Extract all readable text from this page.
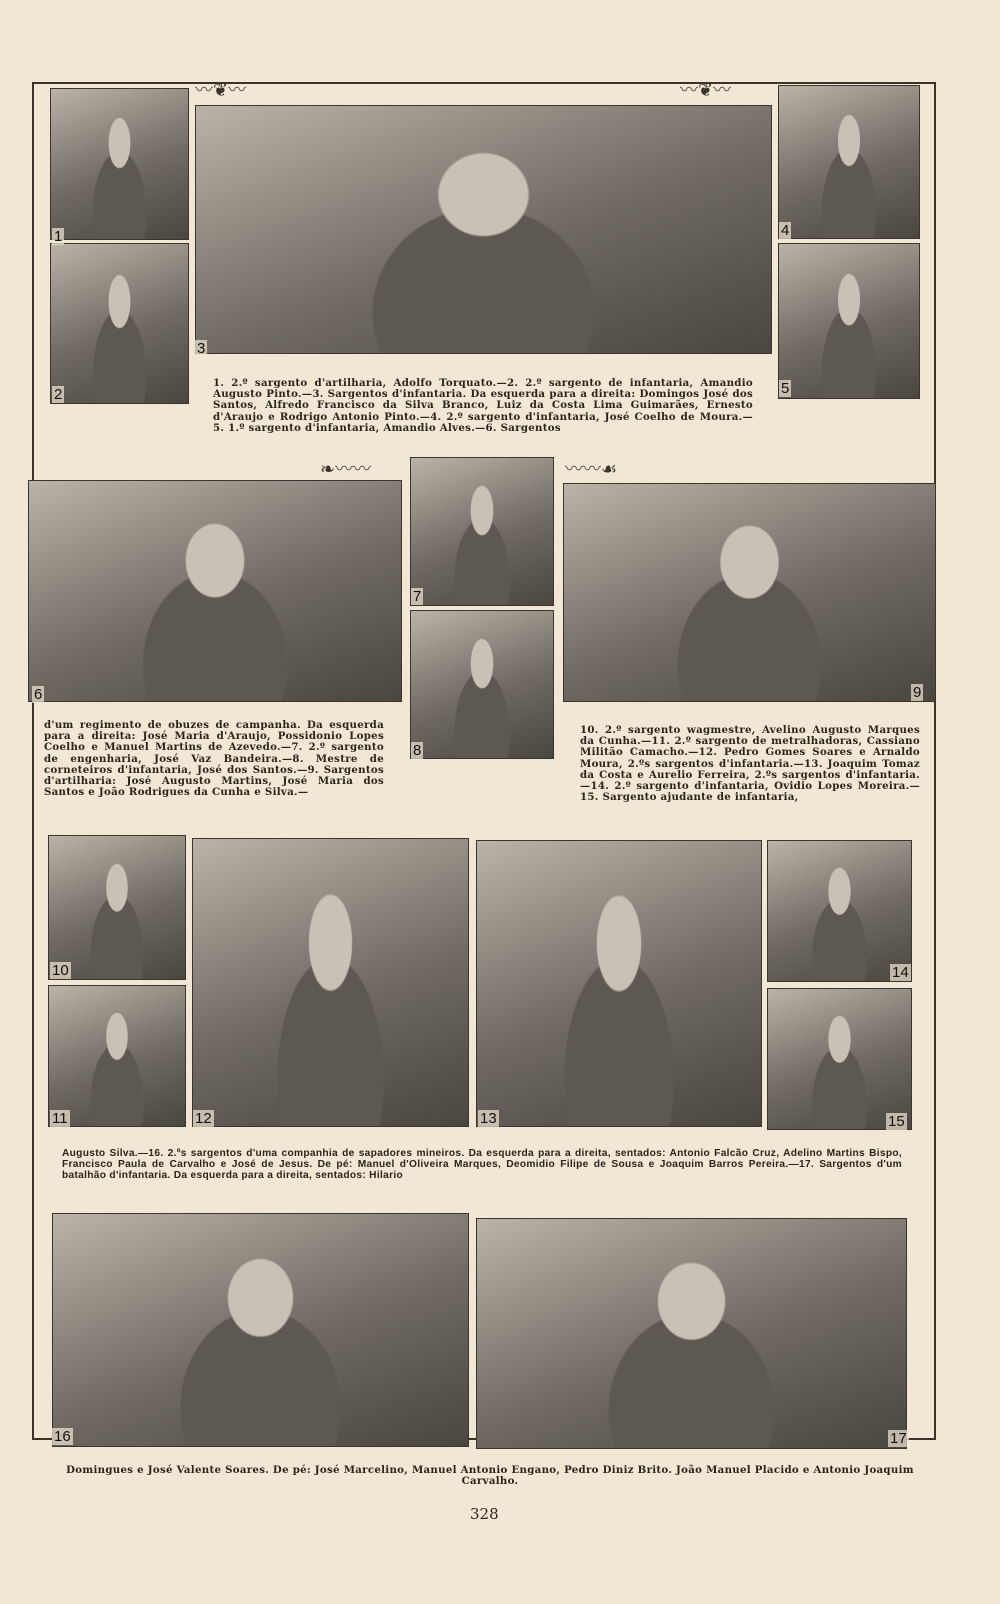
〰❦〰	〰❦〰
❧〰〰	〰〰☙
1
2
3
4
5
1. 2.º sargento d'artilharia, Adolfo Torquato.—2. 2.º sargento de infantaria, Amandio Augusto Pinto.—3. Sargentos d'infantaria. Da esquerda para a direita: Domingos José dos Santos, Alfredo Francisco da Silva Branco, Luiz da Costa Lima Guimarães, Ernesto d'Araujo e Rodrigo Antonio Pinto.—4. 2.º sargento d'infantaria, José Coelho de Moura.—5. 1.º sargento d'infantaria, Amandio Alves.—6. Sargentos
6
7
8
9
d'um regimento de obuzes de campanha. Da esquerda para a direita: José Maria d'Araujo, Possidonio Lopes Coelho e Manuel Martins de Azevedo.—7. 2.º sargento de engenharia, José Vaz Bandeira.—8. Mestre de corneteiros d'infantaria, José dos Santos.—9. Sargentos d'artilharia: José Augusto Martins, José Maria dos Santos e João Rodrigues da Cunha e Silva.—
10. 2.º sargento wagmestre, Avelino Augusto Marques da Cunha.—11. 2.º sargento de metralhadoras, Cassiano Militão Camacho.—12. Pedro Gomes Soares e Arnaldo Moura, 2.ºs sargentos d'infantaria.—13. Joaquim Tomaz da Costa e Aurelio Ferreira, 2.ºs sargentos d'infantaria.—14. 2.º sargento d'infantaria, Ovidio Lopes Moreira.—15. Sargento ajudante de infantaria,
10
11	12	13
14
15
Augusto Silva.—16. 2.ºs sargentos d'uma companhia de sapadores mineiros. Da esquerda para a direita, sentados: Antonio Falcão Cruz, Adelino Martins Bispo, Francisco Paula de Carvalho e José de Jesus. De pé: Manuel d'Oliveira Marques, Deomidio Filipe de Sousa e Joaquim Barros Pereira.—17. Sargentos d'um batalhão d'infantaria. Da esquerda para a direita, sentados: Hilario
16	17
Domingues e José Valente Soares. De pé: José Marcelino, Manuel Antonio Engano, Pedro Diniz Brito. João Manuel Placido e Antonio Joaquim Carvalho.
328
